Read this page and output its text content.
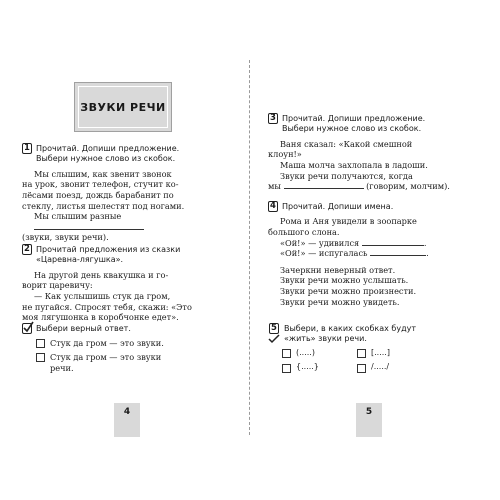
ЗВУКИ РЕЧИ
1 Прочитай. Допиши предложение.
Выбери нужное слово из скобок.

Мы слышим, как звенит звонок

на урок, звонит телефон, стучит ко-
лёсами поезд, дождь барабанит по
стеклу, листья шелестят под ногами.
Мы слышим разные
(звуки, звуки речи).
2 Прочитай предложения из сказки
«Царевна-лягушка».

На другой день квакушка и го-

ворит царевичу:

— Как услышишь стук да гром,

не пугайся. Спросят тебя, скажи: «Это
моя лягушонка в коробчонке едет».
Выбери верный ответ.
Стук да гром — это звуки.
Стук да гром — это звуки
речи.
4
3 Прочитай. Допиши предложение.
Выбери нужное слово из скобок.

Ваня сказал: «Какой смешной

клоун!»

Маша молча захлопала в ладоши.

Звуки речи получаются, когда

мы	(говорим, молчим).
4 Прочитай. Допиши имена.

Рома и Аня увидели в зоопарке

большого слона.
«Ой!» — удивился	.
«Ой!» — испугалась	.

Зачеркни неверный ответ.

Звуки речи можно услышать.

Звуки речи можно произнести.

Звуки речи можно увидеть.

5 Выбери, в каких скобках будут
«жить» звуки речи.
(.....)	[.....]
{.....}	/...../
5
